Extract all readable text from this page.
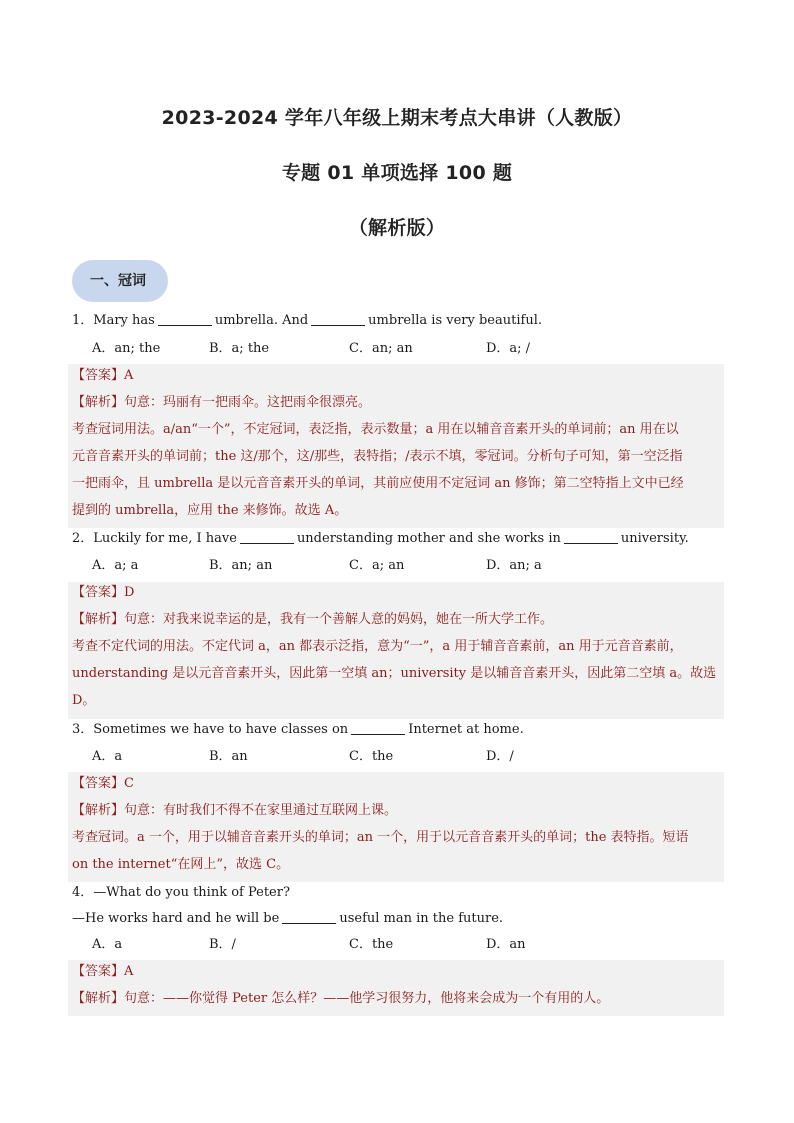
2023-2024 学年八年级上期末考点大串讲（人教版）
专题 01 单项选择 100 题
（解析版）
一、冠词
1．Mary has	umbrella. And	umbrella is very beautiful.
A．an; the	B．a; the	C．an; an	D．a; /
【答案】A
【解析】句意：玛丽有一把雨伞。这把雨伞很漂亮。
考查冠词用法。a/an“一个”，不定冠词，表泛指，表示数量；a 用在以辅音音素开头的单词前；an 用在以
元音音素开头的单词前；the 这/那个，这/那些，表特指；/表示不填，零冠词。分析句子可知，第一空泛指
一把雨伞，且 umbrella 是以元音音素开头的单词，其前应使用不定冠词 an 修饰；第二空特指上文中已经
提到的 umbrella，应用 the 来修饰。故选 A。
2．Luckily for me, I have	understanding mother and she works in	university.
A．a; a	B．an; an	C．a; an	D．an; a
【答案】D
【解析】句意：对我来说幸运的是，我有一个善解人意的妈妈，她在一所大学工作。
考查不定代词的用法。不定代词 a，an 都表示泛指，意为“一”，a 用于辅音音素前，an 用于元音音素前，
understanding 是以元音音素开头，因此第一空填 an；university 是以辅音音素开头，因此第二空填 a。故选
D。
3．Sometimes we have to have classes on	Internet at home.
A．a	B．an	C．the	D．/
【答案】C
【解析】句意：有时我们不得不在家里通过互联网上课。
考查冠词。a 一个，用于以辅音音素开头的单词；an 一个，用于以元音音素开头的单词；the 表特指。短语
on the internet“在网上”，故选 C。
4．—What do you think of Peter?
—He works hard and he will be	useful man in the future.
A．a	B．/	C．the	D．an
【答案】A
【解析】句意：——你觉得 Peter 怎么样？——他学习很努力，他将来会成为一个有用的人。
